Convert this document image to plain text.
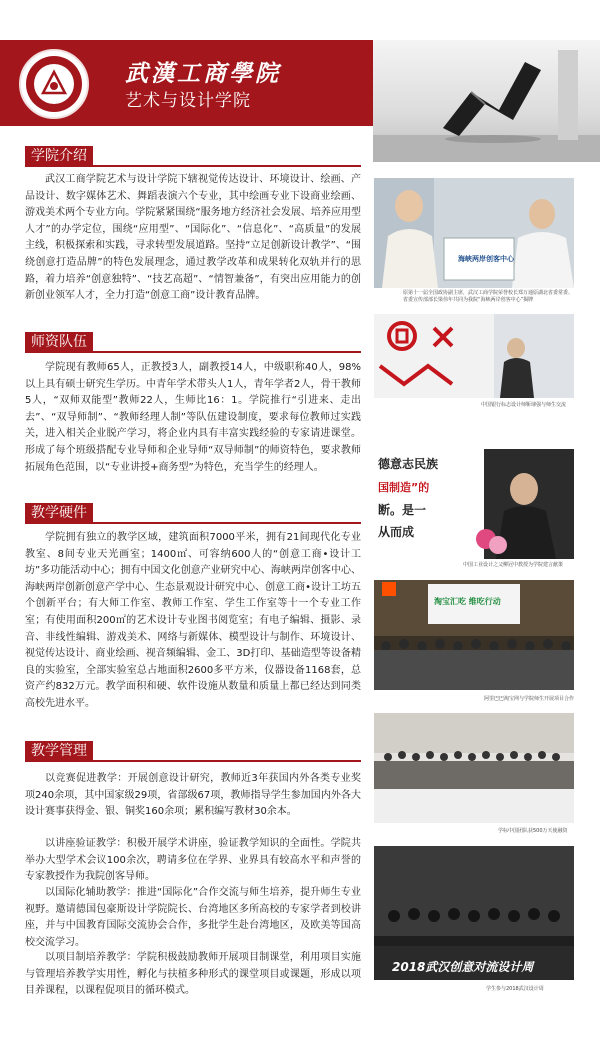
武漢工商學院
艺术与设计学院
学院介绍

武汉工商学院艺术与设计学院下辖视觉传达设计、环境设计、绘画、产品设计、数字媒体艺术、舞蹈表演六个专业，其中绘画专业下设商业绘画、游戏美术两个专业方向。学院紧紧围绕“服务地方经济社会发展、培养应用型人才”的办学定位，围绕“应用型”、“国际化”、“信息化”、“高质量”的发展主线，积极探索和实践，寻求转型发展道路。坚持“立足创新设计教学”、“围绕创意打造品牌”的特色发展理念，通过教学改革和成果转化双轨并行的思路，着力培养“创意独特”、“技艺高超”、“情智兼备”，有突出应用能力的创新创业领军人才，全力打造“创意工商”设计教育品牌。

师资队伍

学院现有教师65人，正教授3人，副教授14人，中级职称40人，98%以上具有硕士研究生学历。中青年学术带头人1人，青年学者2人，骨干教师5人，“双师双能型”教师22人，生师比16：1。学院推行“引进来、走出去”、“双导师制”、“教师经理人制”等队伍建设制度，要求每位教师过实践关，进入相关企业脱产学习，将企业内具有丰富实践经验的专家请进课堂。形成了每个班级搭配专业导师和企业导师“双导师制”的师资特色，要求教师拓展角色范围，以“专业讲授+商务型”为特色，充当学生的经理人。

教学硬件

学院拥有独立的教学区域，建筑面积7000平米，拥有21间现代化专业教室、8间专业天光画室；1400㎡、可容纳600人的“创意工商•设计工坊”多功能活动中心；拥有中国文化创意产业研究中心、海峡两岸创客中心、海峡两岸创新创意产学中心、生态景观设计研究中心、创意工商•设计工坊五个创新平台；有大师工作室、教师工作室、学生工作室等十一个专业工作室；有使用面积200㎡的艺术设计专业图书阅览室；有电子编辑、摄影、录音、非线性编辑、游戏美术、网络与新媒体、模型设计与制作、环境设计、视觉传达设计、商业绘画、视音频编辑、金工、3D打印、基础造型等设备精良的实验室，全部实验室总占地面积2600多平方米，仪器设备1168套，总资产约832万元。教学面积和硬、软件设施从数量和质量上都已经达到同类高校先进水平。

教学管理

以竞赛促进教学：开展创意设计研究，教师近3年获国内外各类专业奖项240余项，其中国家级29项，省部级67项，教师指导学生参加国内外各大设计赛事获得金、银、铜奖160余项；累积编写教材30余本。

以讲座验证教学：积极开展学术讲座，验证教学知识的全面性。学院共举办大型学术会议100余次，聘请多位在学界、业界具有较高水平和声誉的专家教授作为我院创客导师。

以国际化辅助教学：推进“国际化”合作交流与师生培养，提升师生专业视野。邀请德国包豪斯设计学院院长、台湾地区多所高校的专家学者到校讲座，并与中国教育国际交流协会合作，多批学生赴台湾地区，及欧美等国高校交流学习。

以项目制培养教学：学院积极鼓励教师开展项目制课堂，利用项目实施与管理培养教学实用性，孵化与扶植多种形式的课堂项目或课题，形成以项目养课程，以课程促项目的循环模式。

海峡两岸创客中心
原第十一届全国政协副主席，武汉工商学院荣誉校长郑万通原湖北省委常委、省委宣传部部长梁伟年共同为我院“海峡两岸创客中心”揭牌
中国银行标志设计师靳埭强与师生交流
德意志民族
国制造”的
断。是一
从而成
中国工业设计之父柳冠中教授为学院建言献策
淘宝汇吃 维吃行动
阿里巴巴淘宝网与学院师生开展项目合作
学标中国团队获500万天使融资
2018武汉创意对流设计周
学生参与2018武汉设计周
